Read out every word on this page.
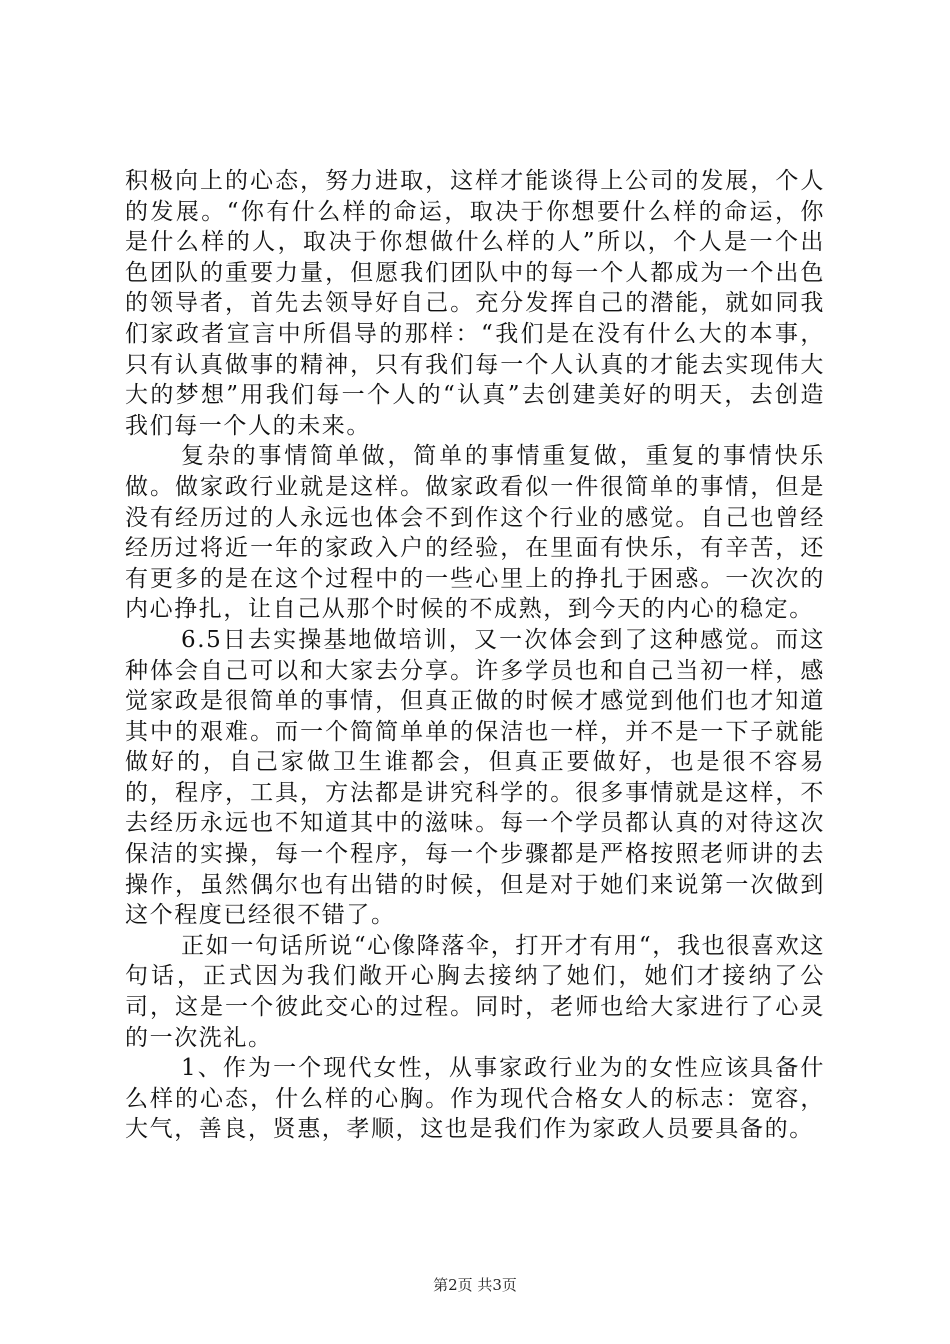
积极向上的心态，努力进取，这样才能谈得上公司的发展，个人的发展。“你有什么样的命运，取决于你想要什么样的命运，你是什么样的人，取决于你想做什么样的人”所以，个人是一个出色团队的重要力量，但愿我们团队中的每一个人都成为一个出色的领导者，首先去领导好自己。充分发挥自己的潜能，就如同我们家政者宣言中所倡导的那样：“我们是在没有什么大的本事，只有认真做事的精神，只有我们每一个人认真的才能去实现伟大大的梦想”用我们每一个人的“认真”去创建美好的明天，去创造我们每一个人的未来。

复杂的事情简单做，简单的事情重复做，重复的事情快乐做。做家政行业就是这样。做家政看似一件很简单的事情，但是没有经历过的人永远也体会不到作这个行业的感觉。自己也曾经经历过将近一年的家政入户的经验，在里面有快乐，有辛苦，还有更多的是在这个过程中的一些心里上的挣扎于困惑。一次次的内心挣扎，让自己从那个时候的不成熟，到今天的内心的稳定。

6.5日去实操基地做培训，又一次体会到了这种感觉。而这种体会自己可以和大家去分享。许多学员也和自己当初一样，感觉家政是很简单的事情，但真正做的时候才感觉到他们也才知道其中的艰难。而一个简简单单的保洁也一样，并不是一下子就能做好的，自己家做卫生谁都会，但真正要做好，也是很不容易的，程序，工具，方法都是讲究科学的。很多事情就是这样，不去经历永远也不知道其中的滋味。每一个学员都认真的对待这次保洁的实操，每一个程序，每一个步骤都是严格按照老师讲的去操作，虽然偶尔也有出错的时候，但是对于她们来说第一次做到这个程度已经很不错了。

正如一句话所说“心像降落伞，打开才有用“，我也很喜欢这句话，正式因为我们敞开心胸去接纳了她们，她们才接纳了公司，这是一个彼此交心的过程。同时，老师也给大家进行了心灵的一次洗礼。

1、作为一个现代女性，从事家政行业为的女性应该具备什么样的心态，什么样的心胸。作为现代合格女人的标志：宽容，大气，善良，贤惠，孝顺，这也是我们作为家政人员要具备的。

第2页 共3页
